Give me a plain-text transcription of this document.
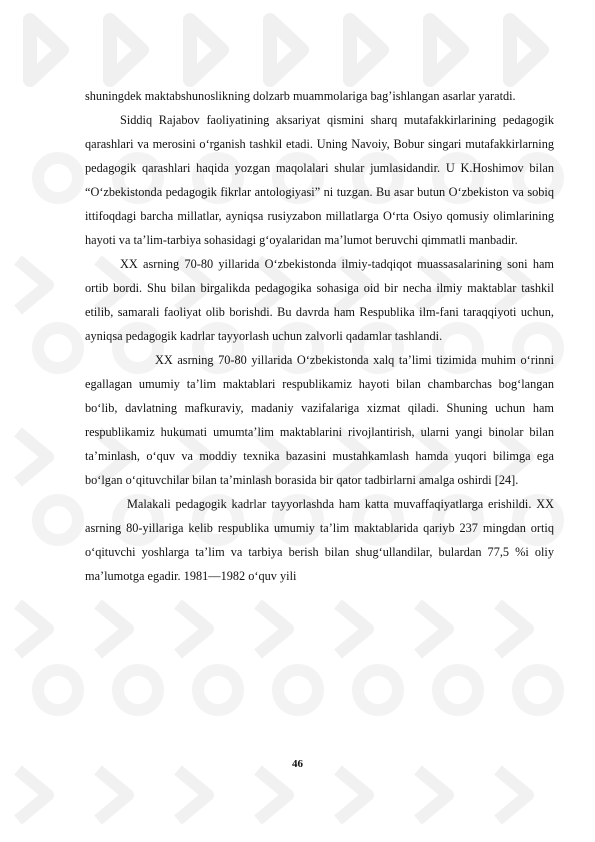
shuningdek maktabshunoslikning dolzarb muammolariga bag’ishlangan asarlar yaratdi.

Siddiq Rajabov faoliyatining aksariyat qismini sharq mutafakkirlarining pedagogik qarashlari va merosini o‘rganish tashkil etadi. Uning Navoiy, Bobur singari mutafakkirlarning pedagogik qarashlari haqida yozgan maqolalari shular jumlasidandir. U K.Hoshimov bilan “O‘zbekistonda pedagogik fikrlar antologiyasi” ni tuzgan. Bu asar butun O‘zbekiston va sobiq ittifoqdagi barcha millatlar, ayniqsa rusiyzabon millatlarga O‘rta Osiyo qomusiy olimlarining hayoti va ta’lim-tarbiya sohasidagi g‘oyalaridan ma’lumot beruvchi qimmatli manbadir.

XX asrning 70-80 yillarida O‘zbekistonda ilmiy-tadqiqot muassasalarining soni ham ortib bordi. Shu bilan birgalikda pedagogika sohasiga oid bir necha ilmiy maktablar tashkil etilib, samarali faoliyat olib borishdi. Bu davrda ham Respublika ilm-fani taraqqiyoti uchun, ayniqsa pedagogik kadrlar tayyorlash uchun zalvorli qadamlar tashlandi.

XX asrning 70-80 yillarida O‘zbekistonda xalq ta’limi tizimida muhim o‘rinni egallagan umumiy ta’lim maktablari respublikamiz hayoti bilan chambarchas bog‘langan bo‘lib, davlatning mafkuraviy, madaniy vazifalariga xizmat qiladi. Shuning uchun ham respublikamiz hukumati umumta’lim maktablarini rivojlantirish, ularni yangi binolar bilan ta’minlash, o‘quv va moddiy texnika bazasini mustahkamlash hamda yuqori bilimga ega bo‘lgan o‘qituvchilar bilan ta’minlash borasida bir qator tadbirlarni amalga oshirdi [24].

Malakali pedagogik kadrlar tayyorlashda ham katta muvaffaqiyatlarga erishildi. XX asrning 80-yillariga kelib respublika umumiy ta’lim maktablarida qariyb 237 mingdan ortiq o‘qituvchi yoshlarga ta’lim va tarbiya berish bilan shug‘ullandilar, bulardan 77,5 %i oliy ma’lumotga egadir. 1981—1982 o‘quv yili

46
